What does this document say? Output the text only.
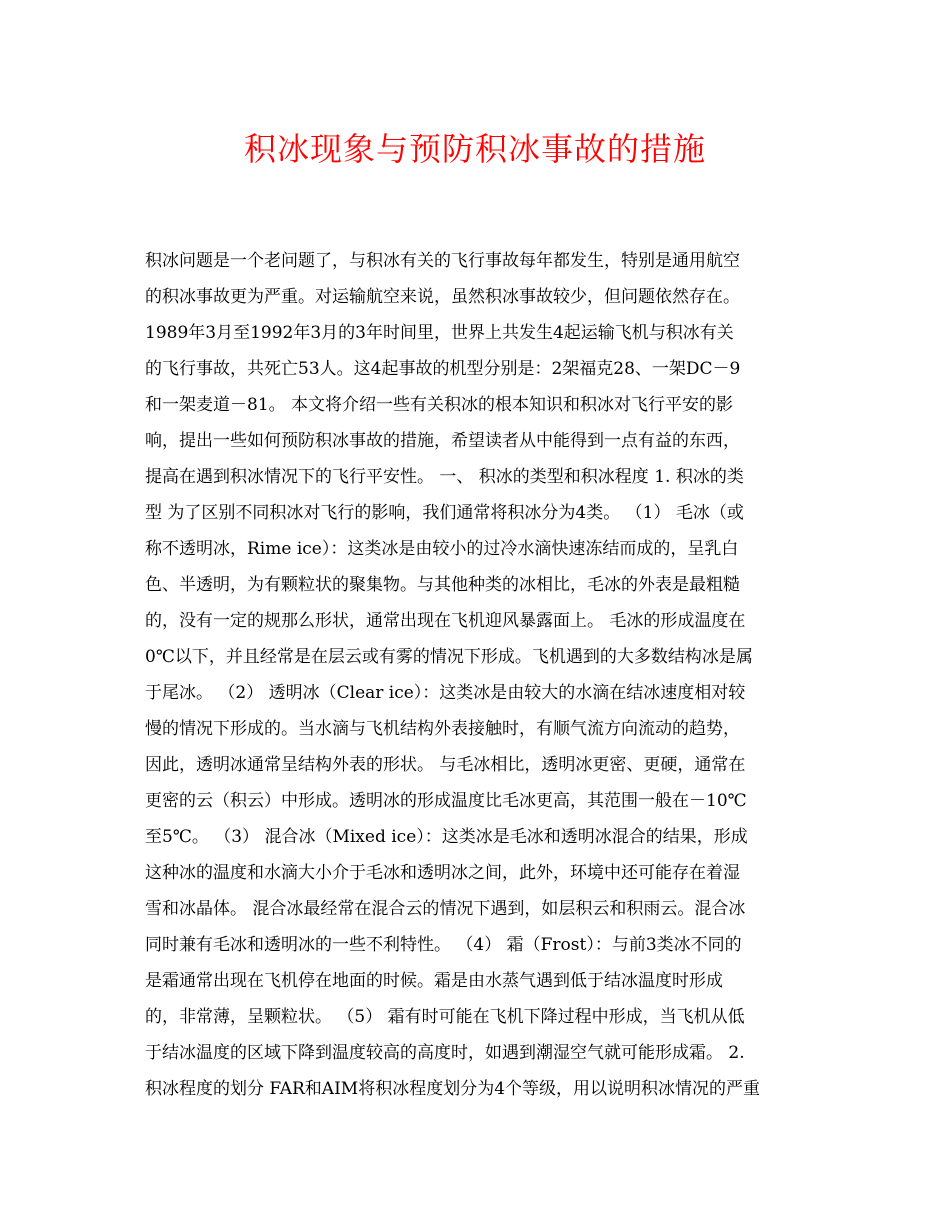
积冰现象与预防积冰事故的措施
积冰问题是一个老问题了，与积冰有关的飞行事故每年都发生，特别是通用航空
的积冰事故更为严重。对运输航空来说，虽然积冰事故较少，但问题依然存在。
1989年3月至1992年3月的3年时间里，世界上共发生4起运输飞机与积冰有关
的飞行事故，共死亡53人。这4起事故的机型分别是：2架福克28、一架DC－9
和一架麦道－81。 本文将介绍一些有关积冰的根本知识和积冰对飞行平安的影
响，提出一些如何预防积冰事故的措施，希望读者从中能得到一点有益的东西，
提高在遇到积冰情况下的飞行平安性。 一、 积冰的类型和积冰程度 1. 积冰的类
型 为了区别不同积冰对飞行的影响，我们通常将积冰分为4类。 （1） 毛冰（或
称不透明冰，Rime ice）：这类冰是由较小的过冷水滴快速冻结而成的，呈乳白
色、半透明，为有颗粒状的聚集物。与其他种类的冰相比，毛冰的外表是最粗糙
的，没有一定的规那么形状，通常出现在飞机迎风暴露面上。 毛冰的形成温度在
0℃以下，并且经常是在层云或有雾的情况下形成。飞机遇到的大多数结构冰是属
于尾冰。 （2） 透明冰（Clear ice）：这类冰是由较大的水滴在结冰速度相对较
慢的情况下形成的。当水滴与飞机结构外表接触时，有顺气流方向流动的趋势，
因此，透明冰通常呈结构外表的形状。 与毛冰相比，透明冰更密、更硬，通常在
更密的云（积云）中形成。透明冰的形成温度比毛冰更高，其范围一般在－10℃
至5℃。 （3） 混合冰（Mixed ice）：这类冰是毛冰和透明冰混合的结果，形成
这种冰的温度和水滴大小介于毛冰和透明冰之间，此外，环境中还可能存在着湿
雪和冰晶体。 混合冰最经常在混合云的情况下遇到，如层积云和积雨云。混合冰
同时兼有毛冰和透明冰的一些不利特性。 （4） 霜（Frost）：与前3类冰不同的
是霜通常出现在飞机停在地面的时候。霜是由水蒸气遇到低于结冰温度时形成
的，非常薄，呈颗粒状。 （5） 霜有时可能在飞机下降过程中形成，当飞机从低
于结冰温度的区域下降到温度较高的高度时，如遇到潮湿空气就可能形成霜。 2.
积冰程度的划分 FAR和AIM将积冰程度划分为4个等级，用以说明积冰情况的严重
